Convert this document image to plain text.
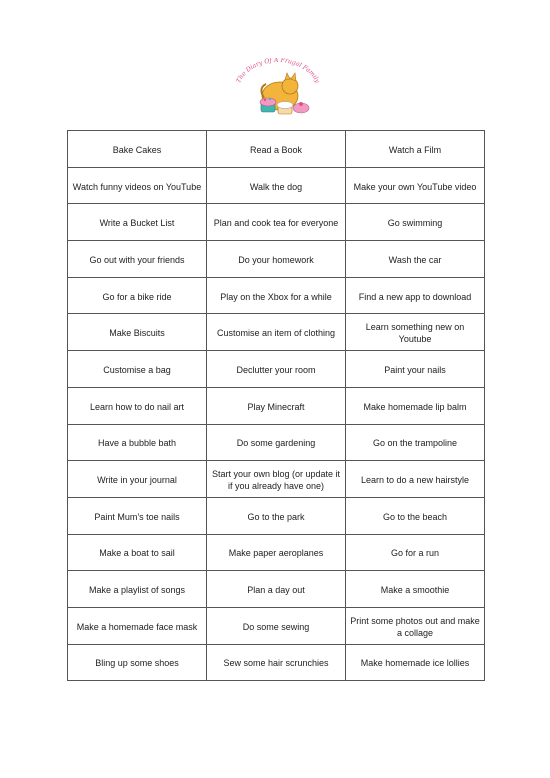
The Diary Of A Frugal Family
Bake Cakes	Read a Book	Watch a Film
Watch funny videos on YouTube	Walk the dog	Make your own YouTube video
Write a Bucket List	Plan and cook tea for everyone	Go swimming
Go out with your friends	Do your homework	Wash the car
Go for a bike ride	Play on the Xbox for a while	Find a new app to download
Make Biscuits	Customise an item of clothing	Learn something new on Youtube
Customise a bag	Declutter your room	Paint your nails
Learn how to do nail art	Play Minecraft	Make homemade lip balm
Have a bubble bath	Do some gardening	Go on the trampoline
Write in your journal	Start your own blog (or update it if you already have one)	Learn to do a new hairstyle
Paint Mum’s toe nails	Go to the park	Go to the beach
Make a boat to sail	Make paper aeroplanes	Go for a run
Make a playlist of songs	Plan a day out	Make a smoothie
Make a homemade face mask	Do some sewing	Print some photos out and make a collage
Bling up some shoes	Sew some hair scrunchies	Make homemade ice lollies
